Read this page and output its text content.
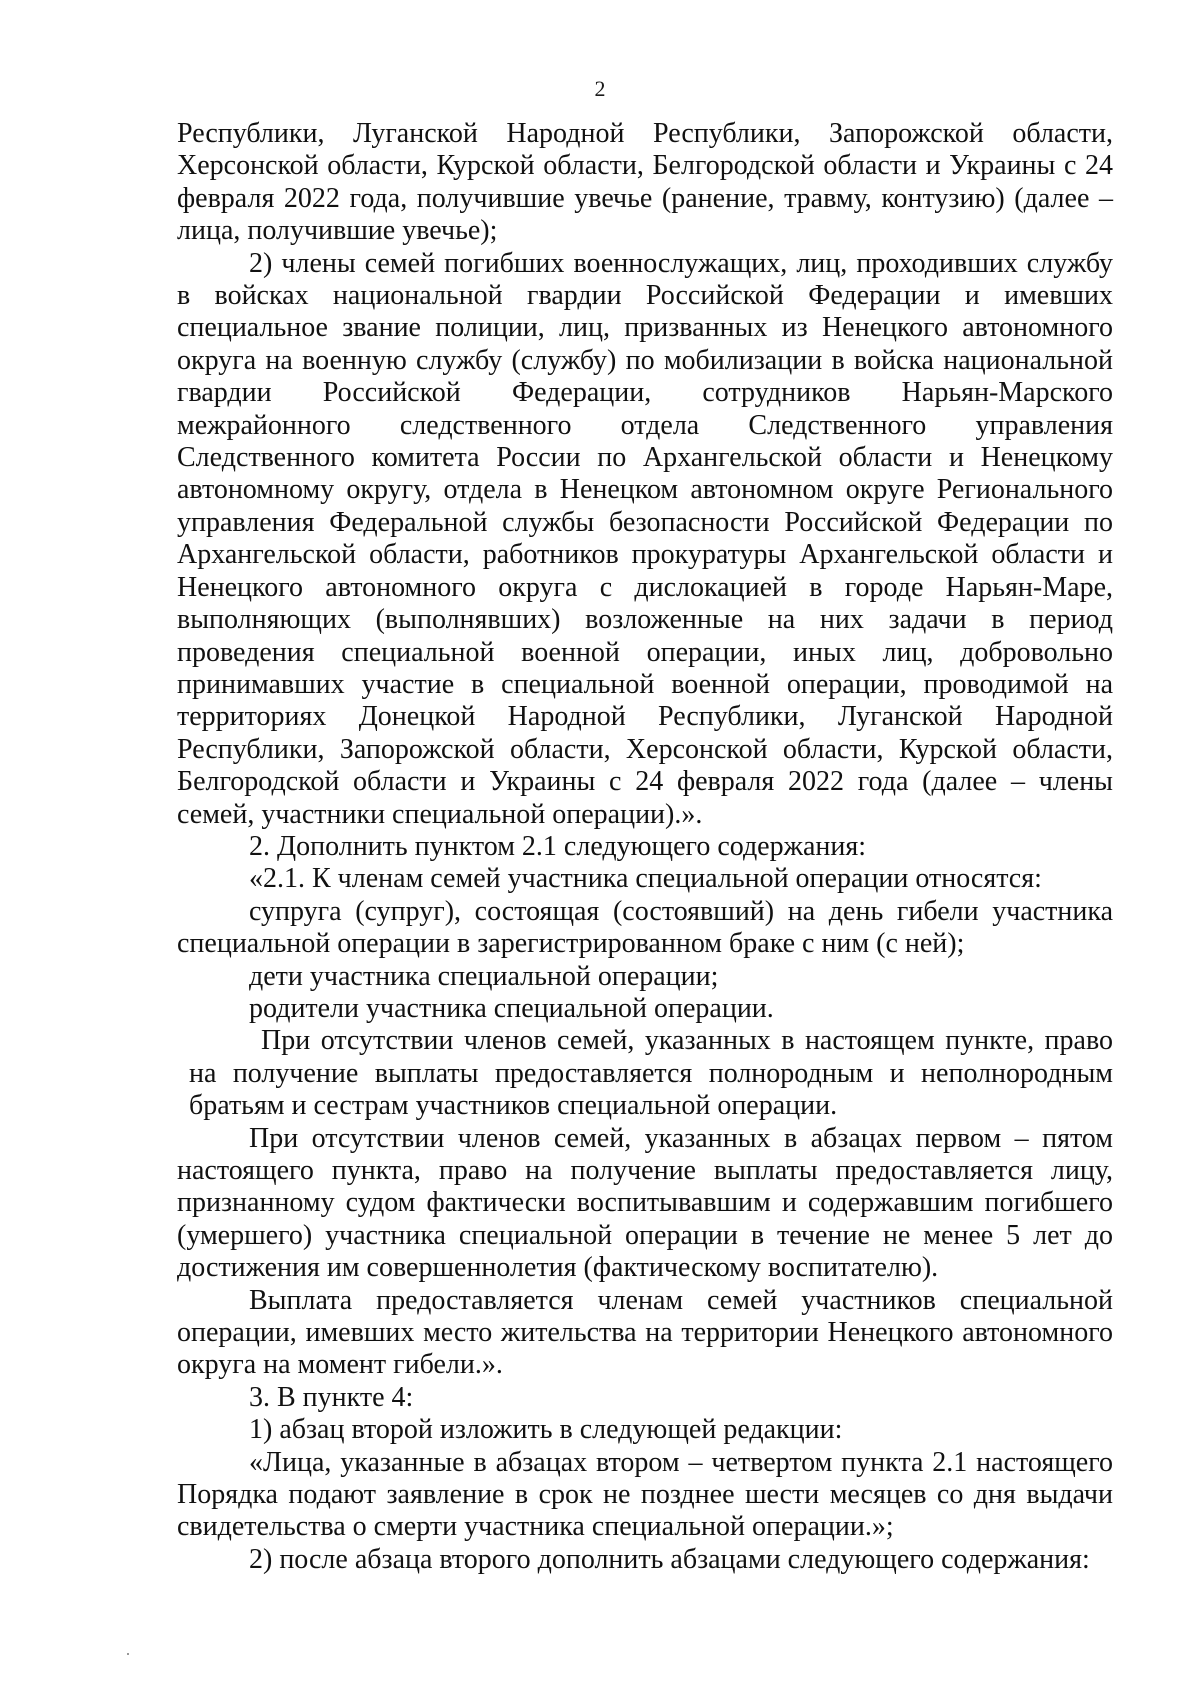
2

Республики, Луганской Народной Республики, Запорожской области, Херсонской области, Курской области, Белгородской области и Украины с 24 февраля 2022 года, получившие увечье (ранение, травму, контузию) (далее – лица, получившие увечье);

2) члены семей погибших военнослужащих, лиц, проходивших службу в войсках национальной гвардии Российской Федерации и имевших специальное звание полиции, лиц, призванных из Ненецкого автономного округа на военную службу (службу) по мобилизации в войска национальной гвардии Российской Федерации, сотрудников Нарьян-Марского межрайонного следственного отдела Следственного управления Следственного комитета России по Архангельской области и Ненецкому автономному округу, отдела в Ненецком автономном округе Регионального управления Федеральной службы безопасности Российской Федерации по Архангельской области, работников прокуратуры Архангельской области и Ненецкого автономного округа с дислокацией в городе Нарьян-Маре, выполняющих (выполнявших) возложенные на них задачи в период проведения специальной военной операции, иных лиц, добровольно принимавших участие в специальной военной операции, проводимой на территориях Донецкой Народной Республики, Луганской Народной Республики, Запорожской области, Херсонской области, Курской области, Белгородской области и Украины с 24 февраля 2022 года (далее – члены семей, участники специальной операции).».

2. Дополнить пунктом 2.1 следующего содержания:

«2.1. К членам семей участника специальной операции относятся:

супруга (супруг), состоящая (состоявший) на день гибели участника специальной операции в зарегистрированном браке с ним (с ней);

дети участника специальной операции;

родители участника специальной операции.

При отсутствии членов семей, указанных в настоящем пункте, право на получение выплаты предоставляется полнородным и неполнородным братьям и сестрам участников специальной операции.

При отсутствии членов семей, указанных в абзацах первом – пятом настоящего пункта, право на получение выплаты предоставляется лицу, признанному судом фактически воспитывавшим и содержавшим погибшего (умершего) участника специальной операции в течение не менее 5 лет до достижения им совершеннолетия (фактическому воспитателю).

Выплата предоставляется членам семей участников специальной операции, имевших место жительства на территории Ненецкого автономного округа на момент гибели.».

3. В пункте 4:

1) абзац второй изложить в следующей редакции:

«Лица, указанные в абзацах втором – четвертом пункта 2.1 настоящего Порядка подают заявление в срок не позднее шести месяцев со дня выдачи свидетельства о смерти участника специальной операции.»;

2) после абзаца второго дополнить абзацами следующего содержания:
